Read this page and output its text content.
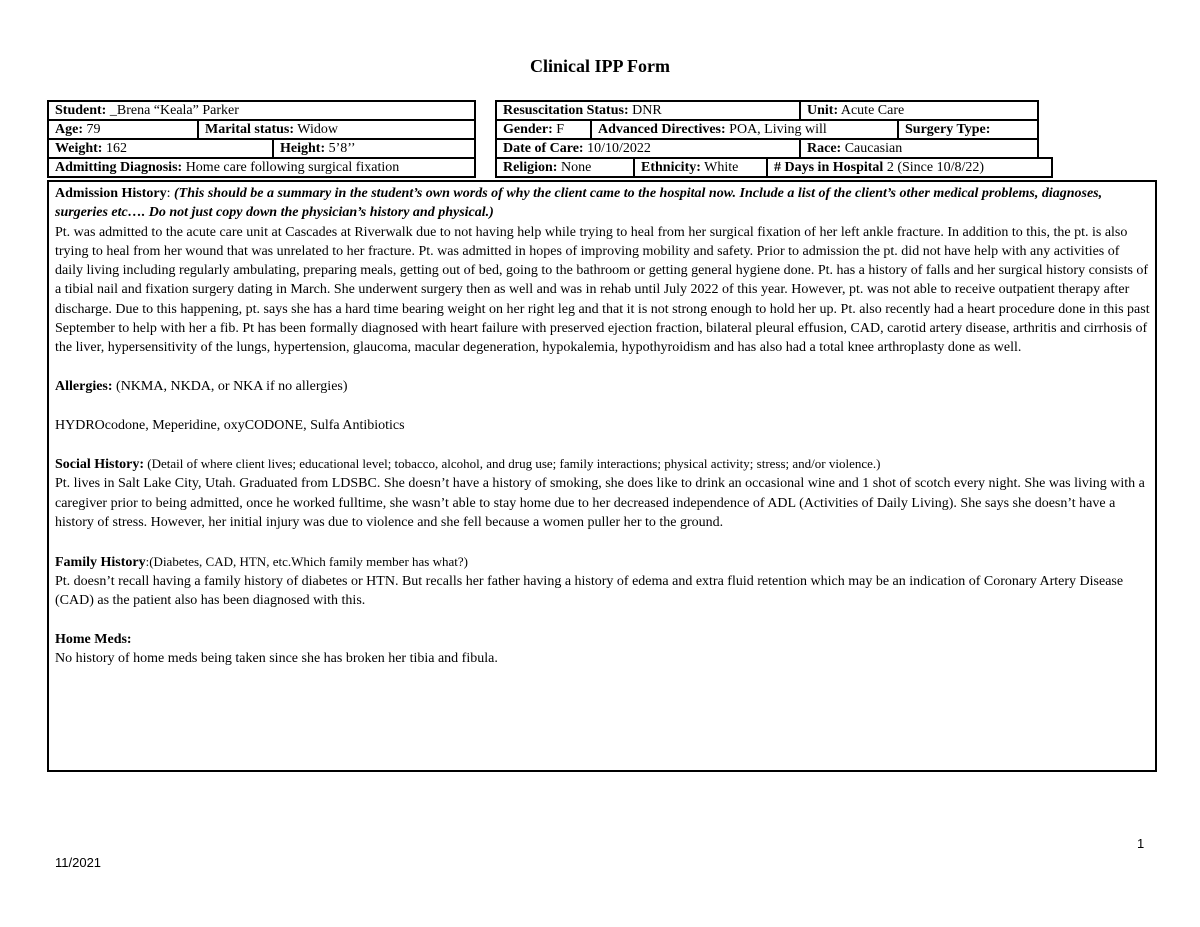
Clinical IPP Form
Student: _Brena “Keala” Parker				Resuscitation Status: DNR				Unit: Acute Care		
Age: 79	Marital status: Widow			Gender: F	Advanced Directives: POA, Living will				Surgery Type:	
Weight: 162		Height: 5’8’’		Date of Care: 10/10/2022				Race: Caucasian		
Admitting Diagnosis: Home care following surgical fixation				Religion: None		Ethnicity: White	# Days in Hospital 2 (Since 10/8/22)			

Admission History: (This should be a summary in the student’s own words of why the client came to the hospital now. Include a list of the client’s other medical problems, diagnoses, surgeries etc…. Do not just copy down the physician’s history and physical.)

Pt. was admitted to the acute care unit at Cascades at Riverwalk due to not having help while trying to heal from her surgical fixation of her left ankle fracture. In addition to this, the pt. is also trying to heal from her wound that was unrelated to her fracture. Pt. was admitted in hopes of improving mobility and safety. Prior to admission the pt. did not have help with any activities of daily living including regularly ambulating, preparing meals, getting out of bed, going to the bathroom or getting general hygiene done. Pt. has a history of falls and her surgical history consists of a tibial nail and fixation surgery dating in March. She underwent surgery then as well and was in rehab until July 2022 of this year. However, pt. was not able to receive outpatient therapy after discharge. Due to this happening, pt. says she has a hard time bearing weight on her right leg and that it is not strong enough to hold her up. Pt. also recently had a heart procedure done in this past September to help with her a fib. Pt has been formally diagnosed with heart failure with preserved ejection fraction, bilateral pleural effusion, CAD, carotid artery disease, arthritis and cirrhosis of the liver, hypersensitivity of the lungs, hypertension, glaucoma, macular degeneration, hypokalemia, hypothyroidism and has also had a total knee arthroplasty done as well.

Allergies: (NKMA, NKDA, or NKA if no allergies)

HYDROcodone, Meperidine, oxyCODONE, Sulfa Antibiotics

Social History: (Detail of where client lives; educational level; tobacco, alcohol, and drug use; family interactions; physical activity; stress; and/or violence.)

Pt. lives in Salt Lake City, Utah. Graduated from LDSBC. She doesn’t have a history of smoking, she does like to drink an occasional wine and 1 shot of scotch every night. She was living with a caregiver prior to being admitted, once he worked fulltime, she wasn’t able to stay home due to her decreased independence of ADL (Activities of Daily Living). She says she doesn’t have a history of stress. However, her initial injury was due to violence and she fell because a women puller her to the ground.

Family History:(Diabetes, CAD, HTN, etc.Which family member has what?)

Pt. doesn’t recall having a family history of diabetes or HTN. But recalls her father having a history of edema and extra fluid retention which may be an indication of Coronary Artery Disease (CAD) as the patient also has been diagnosed with this.

Home Meds:

No history of home meds being taken since she has broken her tibia and fibula.

1
11/2021
